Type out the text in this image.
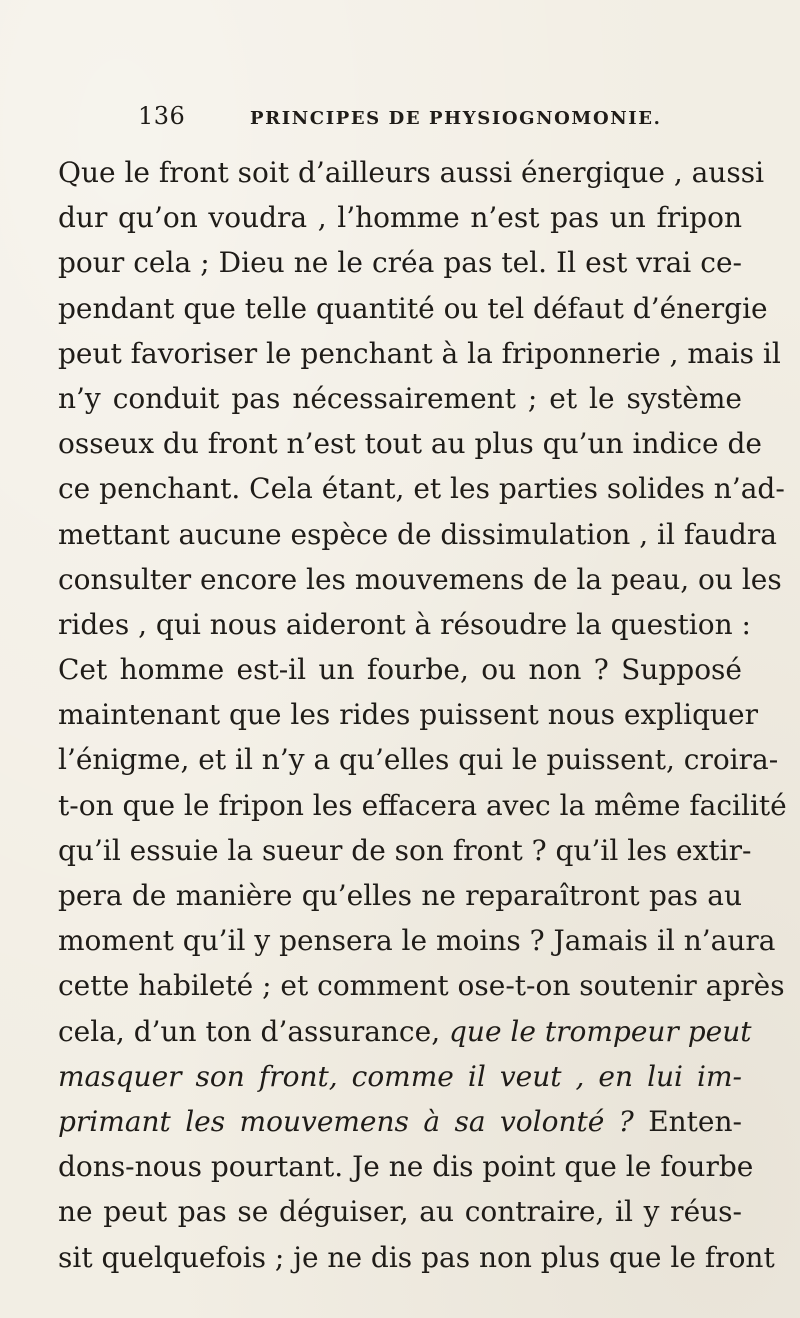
136	PRINCIPES DE PHYSIOGNOMONIE.
Que le front soit d’ailleurs aussi énergique , aussi
dur qu’on voudra , l’homme n’est pas un fripon
pour cela ; Dieu ne le créa pas tel. Il est vrai ce-
pendant que telle quantité ou tel défaut d’énergie
peut favoriser le penchant à la friponnerie , mais il
n’y conduit pas nécessairement ; et le système
osseux du front n’est tout au plus qu’un indice de
ce penchant. Cela étant, et les parties solides n’ad-
mettant aucune espèce de dissimulation , il faudra
consulter encore les mouvemens de la peau, ou les
rides , qui nous aideront à résoudre la question :
Cet homme est-il un fourbe, ou non ? Supposé
maintenant que les rides puissent nous expliquer
l’énigme, et il n’y a qu’elles qui le puissent, croira-
t-on que le fripon les effacera avec la même facilité
qu’il essuie la sueur de son front ? qu’il les extir-
pera de manière qu’elles ne reparaîtront pas au
moment qu’il y pensera le moins ? Jamais il n’aura
cette habileté ; et comment ose-t-on soutenir après
cela, d’un ton d’assurance, que le trompeur peut
masquer son front, comme il veut , en lui im-
primant les mouvemens à sa volonté ? Enten-
dons-nous pourtant. Je ne dis point que le fourbe
ne peut pas se déguiser, au contraire, il y réus-
sit quelquefois ; je ne dis pas non plus que le front
